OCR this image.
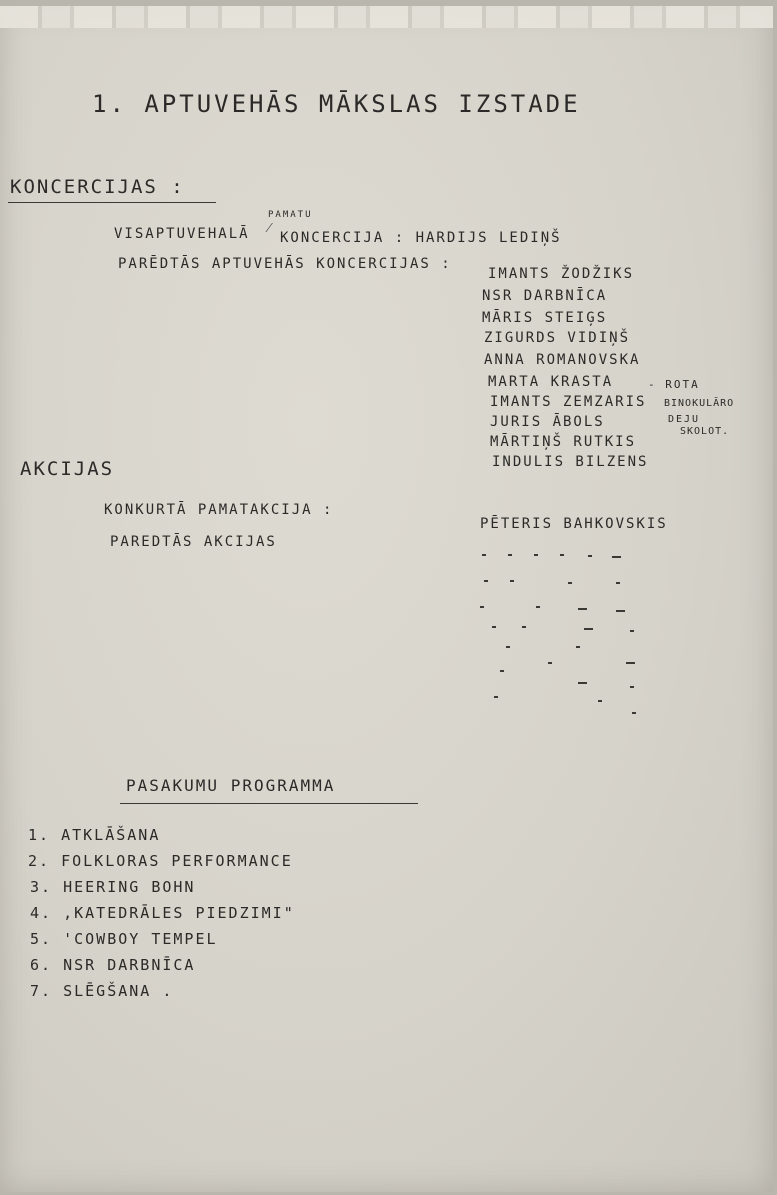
1. APTUVEHĀS MĀKSLAS IZSTADE
KONCERCIJAS :
PAMATU
⁄
VISAPTUVEHALĀ KONCERCIJA : HARDIJS LEDIŅŠ
PARĒDTĀS APTUVEHĀS KONCERCIJAS :
IMANTS ŽODŽIKS
NSR DARBNĪCA
MĀRIS STEIĢS
ZIGURDS VIDIŅŠ
ANNA ROMANOVSKA
MARTA KRASTA
IMANTS ZEMZARIS
JURIS ĀBOLS
MĀRTIŅŠ RUTKIS
INDULIS BILZENS
- ROTA
BINOKULĀRO
DEJU
SKOLOT.
AKCIJAS
KONKURTĀ PAMATAKCIJA :
PĒTERIS BAHKOVSKIS
PAREDTĀS AKCIJAS
PASAKUMU PROGRAMMA
1. ATKLĀŠANA
2. FOLKLORAS PERFORMANCE
3. HEERING BOHN
4. ‚KATEDRĀLES PIEDZIMI"
5. 'COWBOY TEMPEL
6. NSR DARBNĪCA
7. SLĒGŠANA .
